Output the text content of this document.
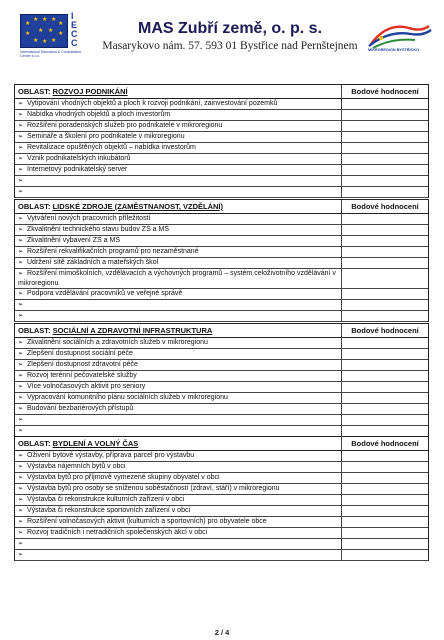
★
★ ★ ★
★
★	★
★ ★ ★
★ ★
I
E
C
C
International Education & Consultation Centre s.r.o.
MAS Zubří země, o. p. s.
Masarykovo nám. 57. 593 01 Bystřice nad Pernštejnem	MIKROREGION BYSTŘICKO
OBLAST: ROZVOJ PODNIKÁNÍ	Bodové hodnocení
➢ Vytipování vhodných objektů a ploch k rozvoji podnikání, zainvestování pozemků
➢ Nabídka vhodných objektů a ploch investorům
➢ Rozšíření poradenských služeb pro podnikatele v mikroregionu
➢ Semináře a školení pro podnikatele v mikroregionu
➢ Revitalizace opuštěných objektů – nabídka investorům
➢ Vznik podnikatelských inkubátorů
➢ Internetový podnikatelský server
➢
➢
OBLAST: LIDSKÉ ZDROJE (ZAMĚSTNANOST, VZDĚLÁNÍ)	Bodové hodnocení
➢ Vytváření nových pracovních příležitostí
➢ Zkvalitnění technického stavu budov ZŠ a MŠ
➢ Zkvalitnění vybavení ZŠ a MŠ
➢ Rozšíření rekvalifikačních programů pro nezaměstnané
➢ Udržení sítě základních a mateřských škol
➢ Rozšíření mimoškolních, vzdělávacích a výchovných programů – systém celoživotního vzdělávání v mikroregionu
➢ Podpora vzdělávání pracovníků ve veřejné správě
➢
➢
OBLAST: SOCIÁLNÍ A ZDRAVOTNÍ INFRASTRUKTURA	Bodové hodnocení
➢ Zkvalitnění sociálních a zdravotních služeb v mikroregionu
➢ Zlepšení dostupnost sociální péče
➢ Zlepšení dostupnost zdravotní péče
➢ Rozvoj terénní pečovatelské služby
➢ Více volnočasových aktivit pro seniory
➢ Vypracování komunitního plánu sociálních služeb v mikroregionu
➢ Budování bezbariérových přístupů
➢
➢
OBLAST: BYDLENÍ A VOLNÝ ČAS	Bodové hodnocení
➢ Oživení bytové výstavby, příprava parcel pro výstavbu
➢ Výstavba nájemních bytů v obci
➢ Výstavba bytů pro příjmově vymezené skupiny obyvatel v obci
➢ Výstavba bytů pro osoby se sníženou soběstačností (zdraví, stáří) v mikroregionu
➢ Výstavba či rekonstrukce kulturních zařízení v obci
➢ Výstavba či rekonstrukce sportovních zařízení v obci
➢ Rozšíření volnočasových aktivit (kulturních a sportovních) pro obyvatele obce
➢ Rozvoj tradičních i netradičních společenských akcí v obci
➢
➢
2 / 4
